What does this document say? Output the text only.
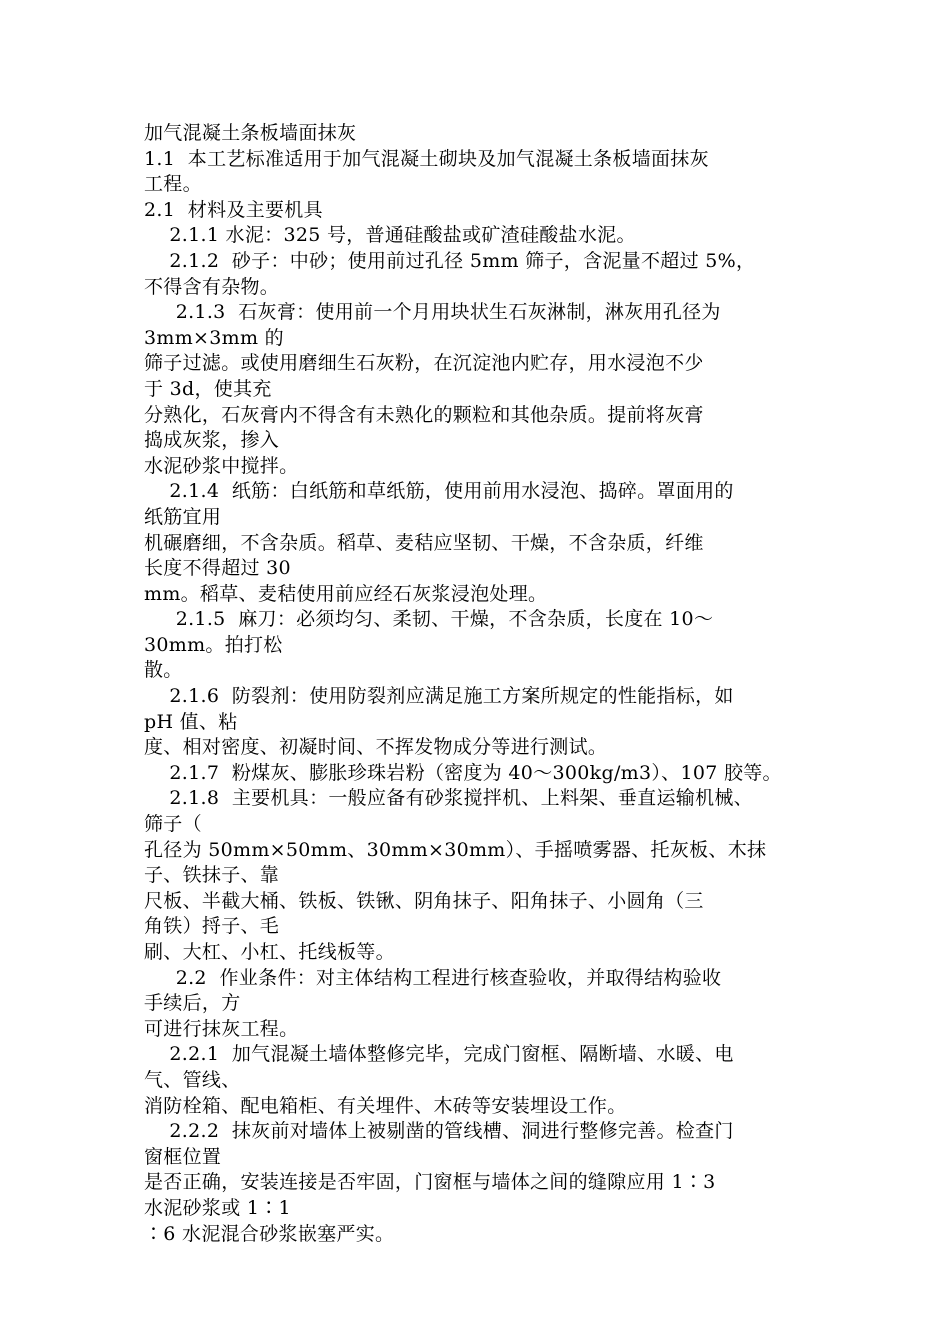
加气混凝土条板墙面抹灰
1.1  本工艺标准适用于加气混凝土砌块及加气混凝土条板墙面抹灰
工程。
2.1  材料及主要机具
2.1.1 水泥：325 号，普通硅酸盐或矿渣硅酸盐水泥。
2.1.2  砂子：中砂；使用前过孔径 5mm 筛子，含泥量不超过 5%，
不得含有杂物。
2.1.3  石灰膏：使用前一个月用块状生石灰淋制，淋灰用孔径为
3mm×3mm 的
筛子过滤。或使用磨细生石灰粉，在沉淀池内贮存，用水浸泡不少
于 3d，使其充
分熟化，石灰膏内不得含有未熟化的颗粒和其他杂质。提前将灰膏
捣成灰浆，掺入
水泥砂浆中搅拌。
2.1.4  纸筋：白纸筋和草纸筋，使用前用水浸泡、捣碎。罩面用的
纸筋宜用
机碾磨细，不含杂质。稻草、麦秸应坚韧、干燥，不含杂质，纤维
长度不得超过 30
mm。稻草、麦秸使用前应经石灰浆浸泡处理。
2.1.5  麻刀：必须均匀、柔韧、干燥，不含杂质，长度在 10～
30mm。拍打松
散。
2.1.6  防裂剂：使用防裂剂应满足施工方案所规定的性能指标，如
pH 值、粘
度、相对密度、初凝时间、不挥发物成分等进行测试。
2.1.7  粉煤灰、膨胀珍珠岩粉（密度为 40～300kg/m3）、107 胶等。
2.1.8  主要机具：一般应备有砂浆搅拌机、上料架、垂直运输机械、
筛子（
孔径为 50mm×50mm、30mm×30mm）、手摇喷雾器、托灰板、木抹
子、铁抹子、靠
尺板、半截大桶、铁板、铁锹、阴角抹子、阳角抹子、小圆角（三
角铁）捋子、毛
刷、大杠、小杠、托线板等。
2.2  作业条件：对主体结构工程进行核查验收，并取得结构验收
手续后，方
可进行抹灰工程。
2.2.1  加气混凝土墙体整修完毕，完成门窗框、隔断墙、水暖、电
气、管线、
消防栓箱、配电箱柜、有关埋件、木砖等安装埋设工作。
2.2.2  抹灰前对墙体上被剔凿的管线槽、洞进行整修完善。检查门
窗框位置
是否正确，安装连接是否牢固，门窗框与墙体之间的缝隙应用 1∶3
水泥砂浆或 1∶1
∶6 水泥混合砂浆嵌塞严实。
